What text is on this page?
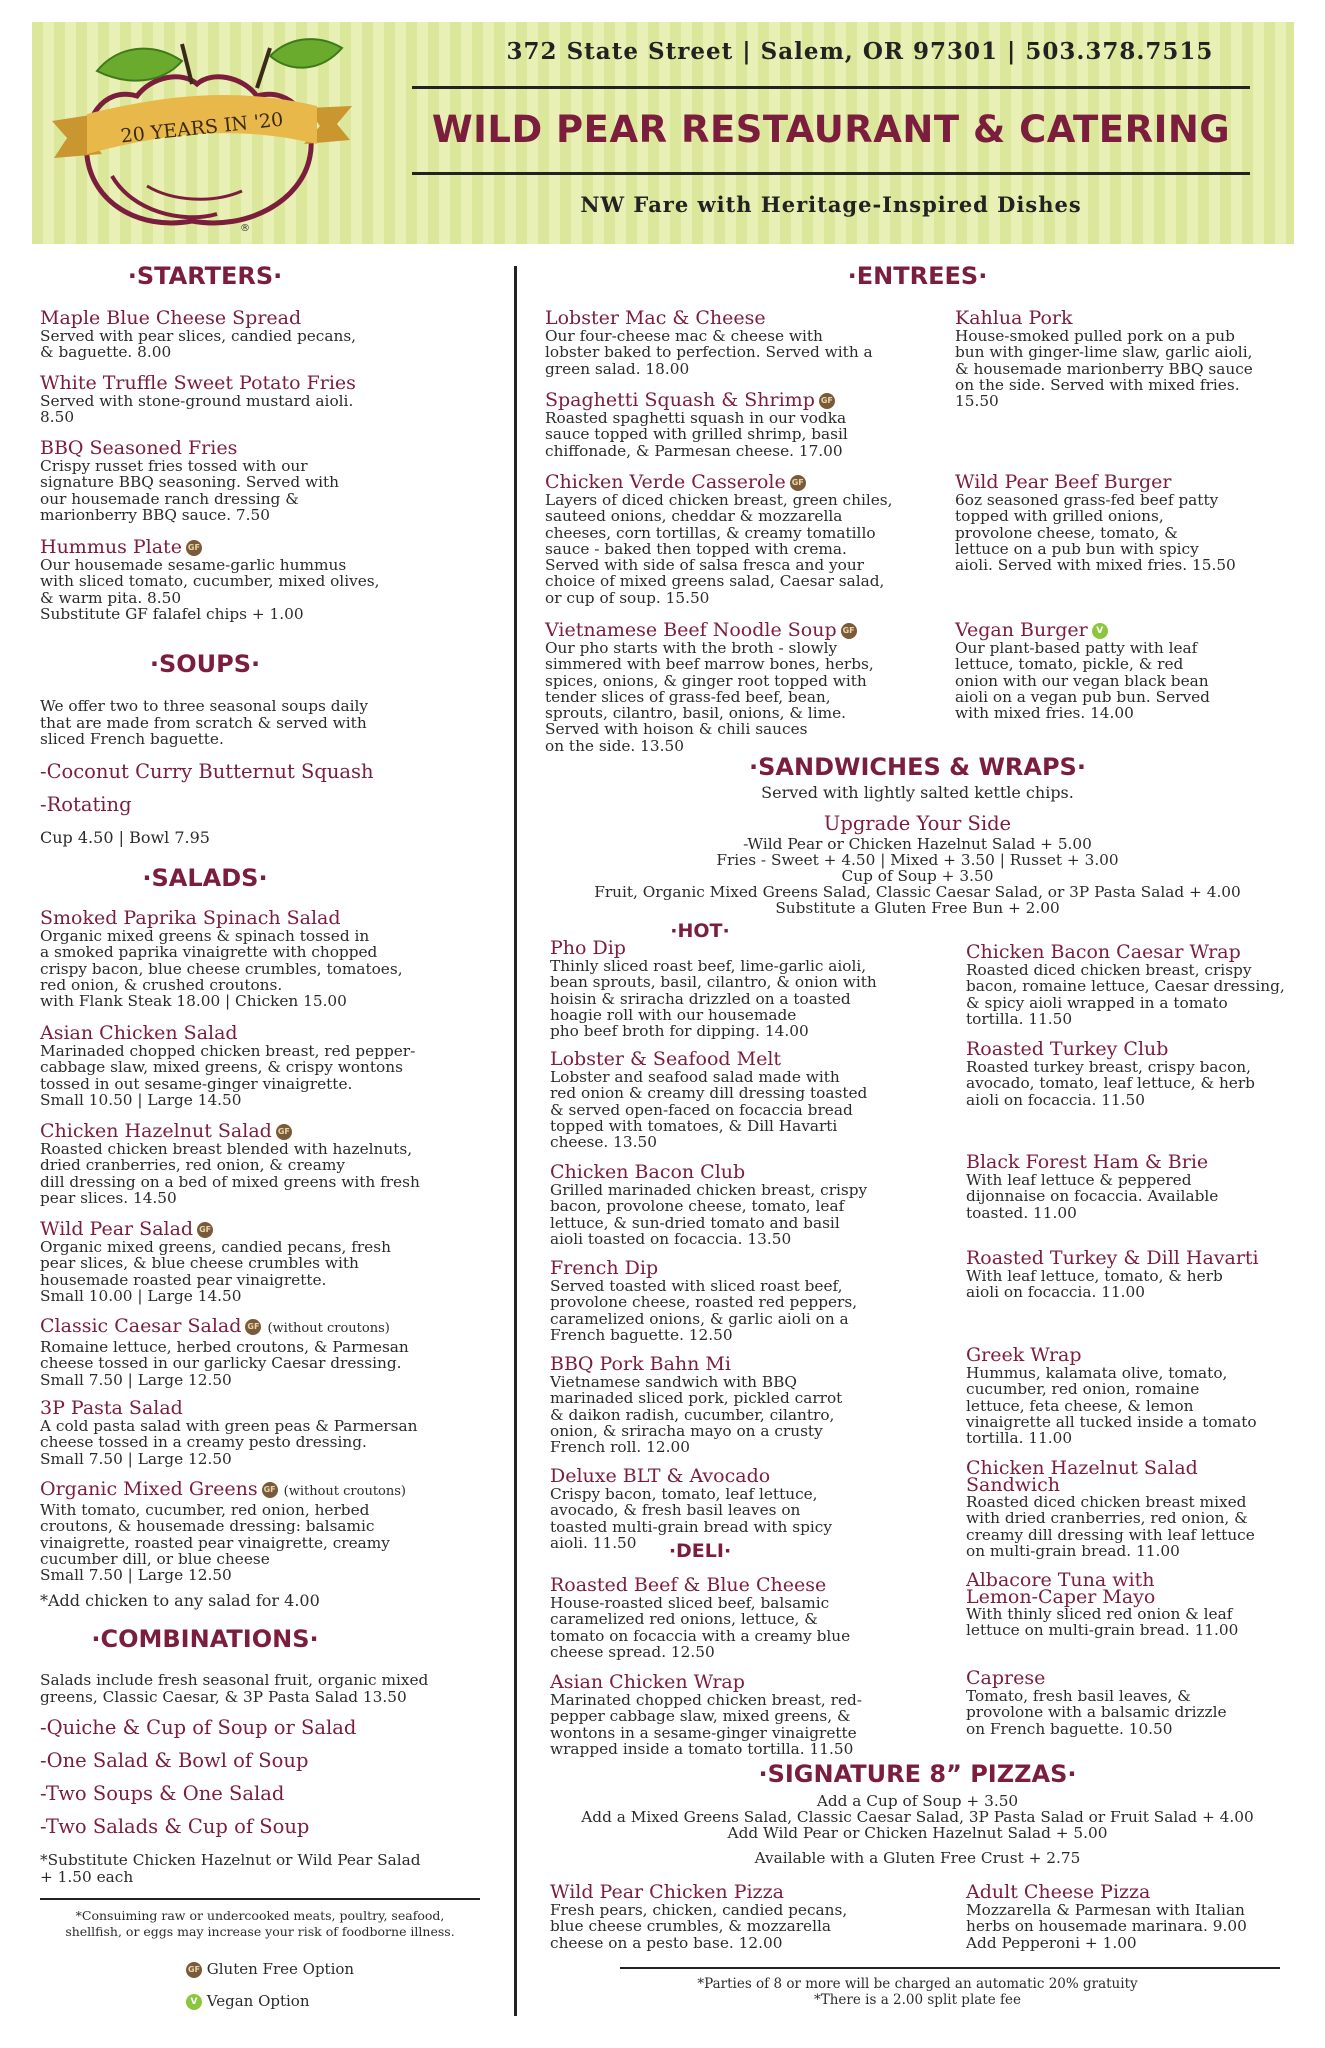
20 YEARS IN '20
®
372 State Street | Salem, OR 97301 | 503.378.7515
WILD PEAR RESTAURANT & CATERING
NW Fare with Heritage-Inspired Dishes
·STARTERS·
Maple Blue Cheese Spread
Served with pear slices, candied pecans,
& baguette. 8.00
White Truffle Sweet Potato Fries
Served with stone-ground mustard aioli.
8.50
BBQ Seasoned Fries
Crispy russet fries tossed with our
signature BBQ seasoning. Served with
our housemade ranch dressing &
marionberry BBQ sauce. 7.50
Hummus Plate GF
Our housemade sesame-garlic hummus
with sliced tomato, cucumber, mixed olives,
& warm pita. 8.50
Substitute GF falafel chips + 1.00
·SOUPS·
We offer two to three seasonal soups daily
that are made from scratch & served with
sliced French baguette.
-Coconut Curry Butternut Squash
-Rotating
Cup 4.50 | Bowl 7.95
·SALADS·
Smoked Paprika Spinach Salad
Organic mixed greens & spinach tossed in
a smoked paprika vinaigrette with chopped
crispy bacon, blue cheese crumbles, tomatoes,
red onion, & crushed croutons.
with Flank Steak 18.00 | Chicken 15.00
Asian Chicken Salad
Marinaded chopped chicken breast, red pepper-
cabbage slaw, mixed greens, & crispy wontons
tossed in out sesame-ginger vinaigrette.
Small 10.50 | Large 14.50
Chicken Hazelnut Salad GF
Roasted chicken breast blended with hazelnuts,
dried cranberries, red onion, & creamy
dill dressing on a bed of mixed greens with fresh
pear slices. 14.50
Wild Pear Salad GF
Organic mixed greens, candied pecans, fresh
pear slices, & blue cheese crumbles with
housemade roasted pear vinaigrette.
Small 10.00 | Large 14.50
Classic Caesar Salad GF (without croutons)
Romaine lettuce, herbed croutons, & Parmesan
cheese tossed in our garlicky Caesar dressing.
Small 7.50 | Large 12.50
3P Pasta Salad
A cold pasta salad with green peas & Parmersan
cheese tossed in a creamy pesto dressing.
Small 7.50 | Large 12.50
Organic Mixed Greens GF (without croutons)
With tomato, cucumber, red onion, herbed
croutons, & housemade dressing: balsamic
vinaigrette, roasted pear vinaigrette, creamy
cucumber dill, or blue cheese
Small 7.50 | Large 12.50
*Add chicken to any salad for 4.00
·COMBINATIONS·
Salads include fresh seasonal fruit, organic mixed
greens, Classic Caesar, & 3P Pasta Salad 13.50
-Quiche & Cup of Soup or Salad
-One Salad & Bowl of Soup
-Two Soups & One Salad
-Two Salads & Cup of Soup
*Substitute Chicken Hazelnut or Wild Pear Salad
+ 1.50 each
*Consuiming raw or undercooked meats, poultry, seafood,
shellfish, or eggs may increase your risk of foodborne illness.
GF Gluten Free Option
V Vegan Option
·ENTREES·
Lobster Mac & Cheese
Our four-cheese mac & cheese with
lobster baked to perfection. Served with a
green salad. 18.00
Spaghetti Squash & Shrimp GF
Roasted spaghetti squash in our vodka
sauce topped with grilled shrimp, basil
chiffonade, & Parmesan cheese. 17.00
Chicken Verde Casserole GF
Layers of diced chicken breast, green chiles,
sauteed onions, cheddar & mozzarella
cheeses, corn tortillas, & creamy tomatillo
sauce - baked then topped with crema.
Served with side of salsa fresca and your
choice of mixed greens salad, Caesar salad,
or cup of soup. 15.50
Vietnamese Beef Noodle Soup GF
Our pho starts with the broth - slowly
simmered with beef marrow bones, herbs,
spices, onions, & ginger root topped with
tender slices of grass-fed beef, bean,
sprouts, cilantro, basil, onions, & lime.
Served with hoison & chili sauces
on the side. 13.50
Kahlua Pork
House-smoked pulled pork on a pub
bun with ginger-lime slaw, garlic aioli,
& housemade marionberry BBQ sauce
on the side. Served with mixed fries.
15.50
Wild Pear Beef Burger
6oz seasoned grass-fed beef patty
topped with grilled onions,
provolone cheese, tomato, &
lettuce on a pub bun with spicy
aioli. Served with mixed fries. 15.50
Vegan Burger V
Our plant-based patty with leaf
lettuce, tomato, pickle, & red
onion with our vegan black bean
aioli on a vegan pub bun. Served
with mixed fries. 14.00
·SANDWICHES & WRAPS·
Served with lightly salted kettle chips.
Upgrade Your Side
-Wild Pear or Chicken Hazelnut Salad + 5.00
Fries - Sweet + 4.50 | Mixed + 3.50 | Russet + 3.00
Cup of Soup + 3.50
Fruit, Organic Mixed Greens Salad, Classic Caesar Salad, or 3P Pasta Salad + 4.00
Substitute a Gluten Free Bun + 2.00
·HOT·
Pho Dip
Thinly sliced roast beef, lime-garlic aioli,
bean sprouts, basil, cilantro, & onion with
hoisin & sriracha drizzled on a toasted
hoagie roll with our housemade
pho beef broth for dipping. 14.00
Lobster & Seafood Melt
Lobster and seafood salad made with
red onion & creamy dill dressing toasted
& served open-faced on focaccia bread
topped with tomatoes, & Dill Havarti
cheese. 13.50
Chicken Bacon Club
Grilled marinaded chicken breast, crispy
bacon, provolone cheese, tomato, leaf
lettuce, & sun-dried tomato and basil
aioli toasted on focaccia. 13.50
French Dip
Served toasted with sliced roast beef,
provolone cheese, roasted red peppers,
caramelized onions, & garlic aioli on a
French baguette. 12.50
BBQ Pork Bahn Mi
Vietnamese sandwich with BBQ
marinaded sliced pork, pickled carrot
& daikon radish, cucumber, cilantro,
onion, & sriracha mayo on a crusty
French roll. 12.00
Deluxe BLT & Avocado
Crispy bacon, tomato, leaf lettuce,
avocado, & fresh basil leaves on
toasted multi-grain bread with spicy
aioli. 11.50
Chicken Bacon Caesar Wrap
Roasted diced chicken breast, crispy
bacon, romaine lettuce, Caesar dressing,
& spicy aioli wrapped in a tomato
tortilla. 11.50
Roasted Turkey Club
Roasted turkey breast, crispy bacon,
avocado, tomato, leaf lettuce, & herb
aioli on focaccia. 11.50
·DELI·
Roasted Beef & Blue Cheese
House-roasted sliced beef, balsamic
caramelized red onions, lettuce, &
tomato on focaccia with a creamy blue
cheese spread. 12.50
Asian Chicken Wrap
Marinated chopped chicken breast, red-
pepper cabbage slaw, mixed greens, &
wontons in a sesame-ginger vinaigrette
wrapped inside a tomato tortilla. 11.50
Black Forest Ham & Brie
With leaf lettuce & peppered
dijonnaise on focaccia. Available
toasted. 11.00
Roasted Turkey & Dill Havarti
With leaf lettuce, tomato, & herb
aioli on focaccia. 11.00
Greek Wrap
Hummus, kalamata olive, tomato,
cucumber, red onion, romaine
lettuce, feta cheese, & lemon
vinaigrette all tucked inside a tomato
tortilla. 11.00
Chicken Hazelnut Salad
Sandwich
Roasted diced chicken breast mixed
with dried cranberries, red onion, &
creamy dill dressing with leaf lettuce
on multi-grain bread. 11.00
Albacore Tuna with
Lemon-Caper Mayo
With thinly sliced red onion & leaf
lettuce on multi-grain bread. 11.00
Caprese
Tomato, fresh basil leaves, &
provolone with a balsamic drizzle
on French baguette. 10.50
·SIGNATURE 8” PIZZAS·
Add a Cup of Soup + 3.50
Add a Mixed Greens Salad, Classic Caesar Salad, 3P Pasta Salad or Fruit Salad + 4.00
Add Wild Pear or Chicken Hazelnut Salad + 5.00
Available with a Gluten Free Crust + 2.75
Wild Pear Chicken Pizza
Fresh pears, chicken, candied pecans,
blue cheese crumbles, & mozzarella
cheese on a pesto base. 12.00
Adult Cheese Pizza
Mozzarella & Parmesan with Italian
herbs on housemade marinara. 9.00
Add Pepperoni + 1.00
*Parties of 8 or more will be charged an automatic 20% gratuity
*There is a 2.00 split plate fee
